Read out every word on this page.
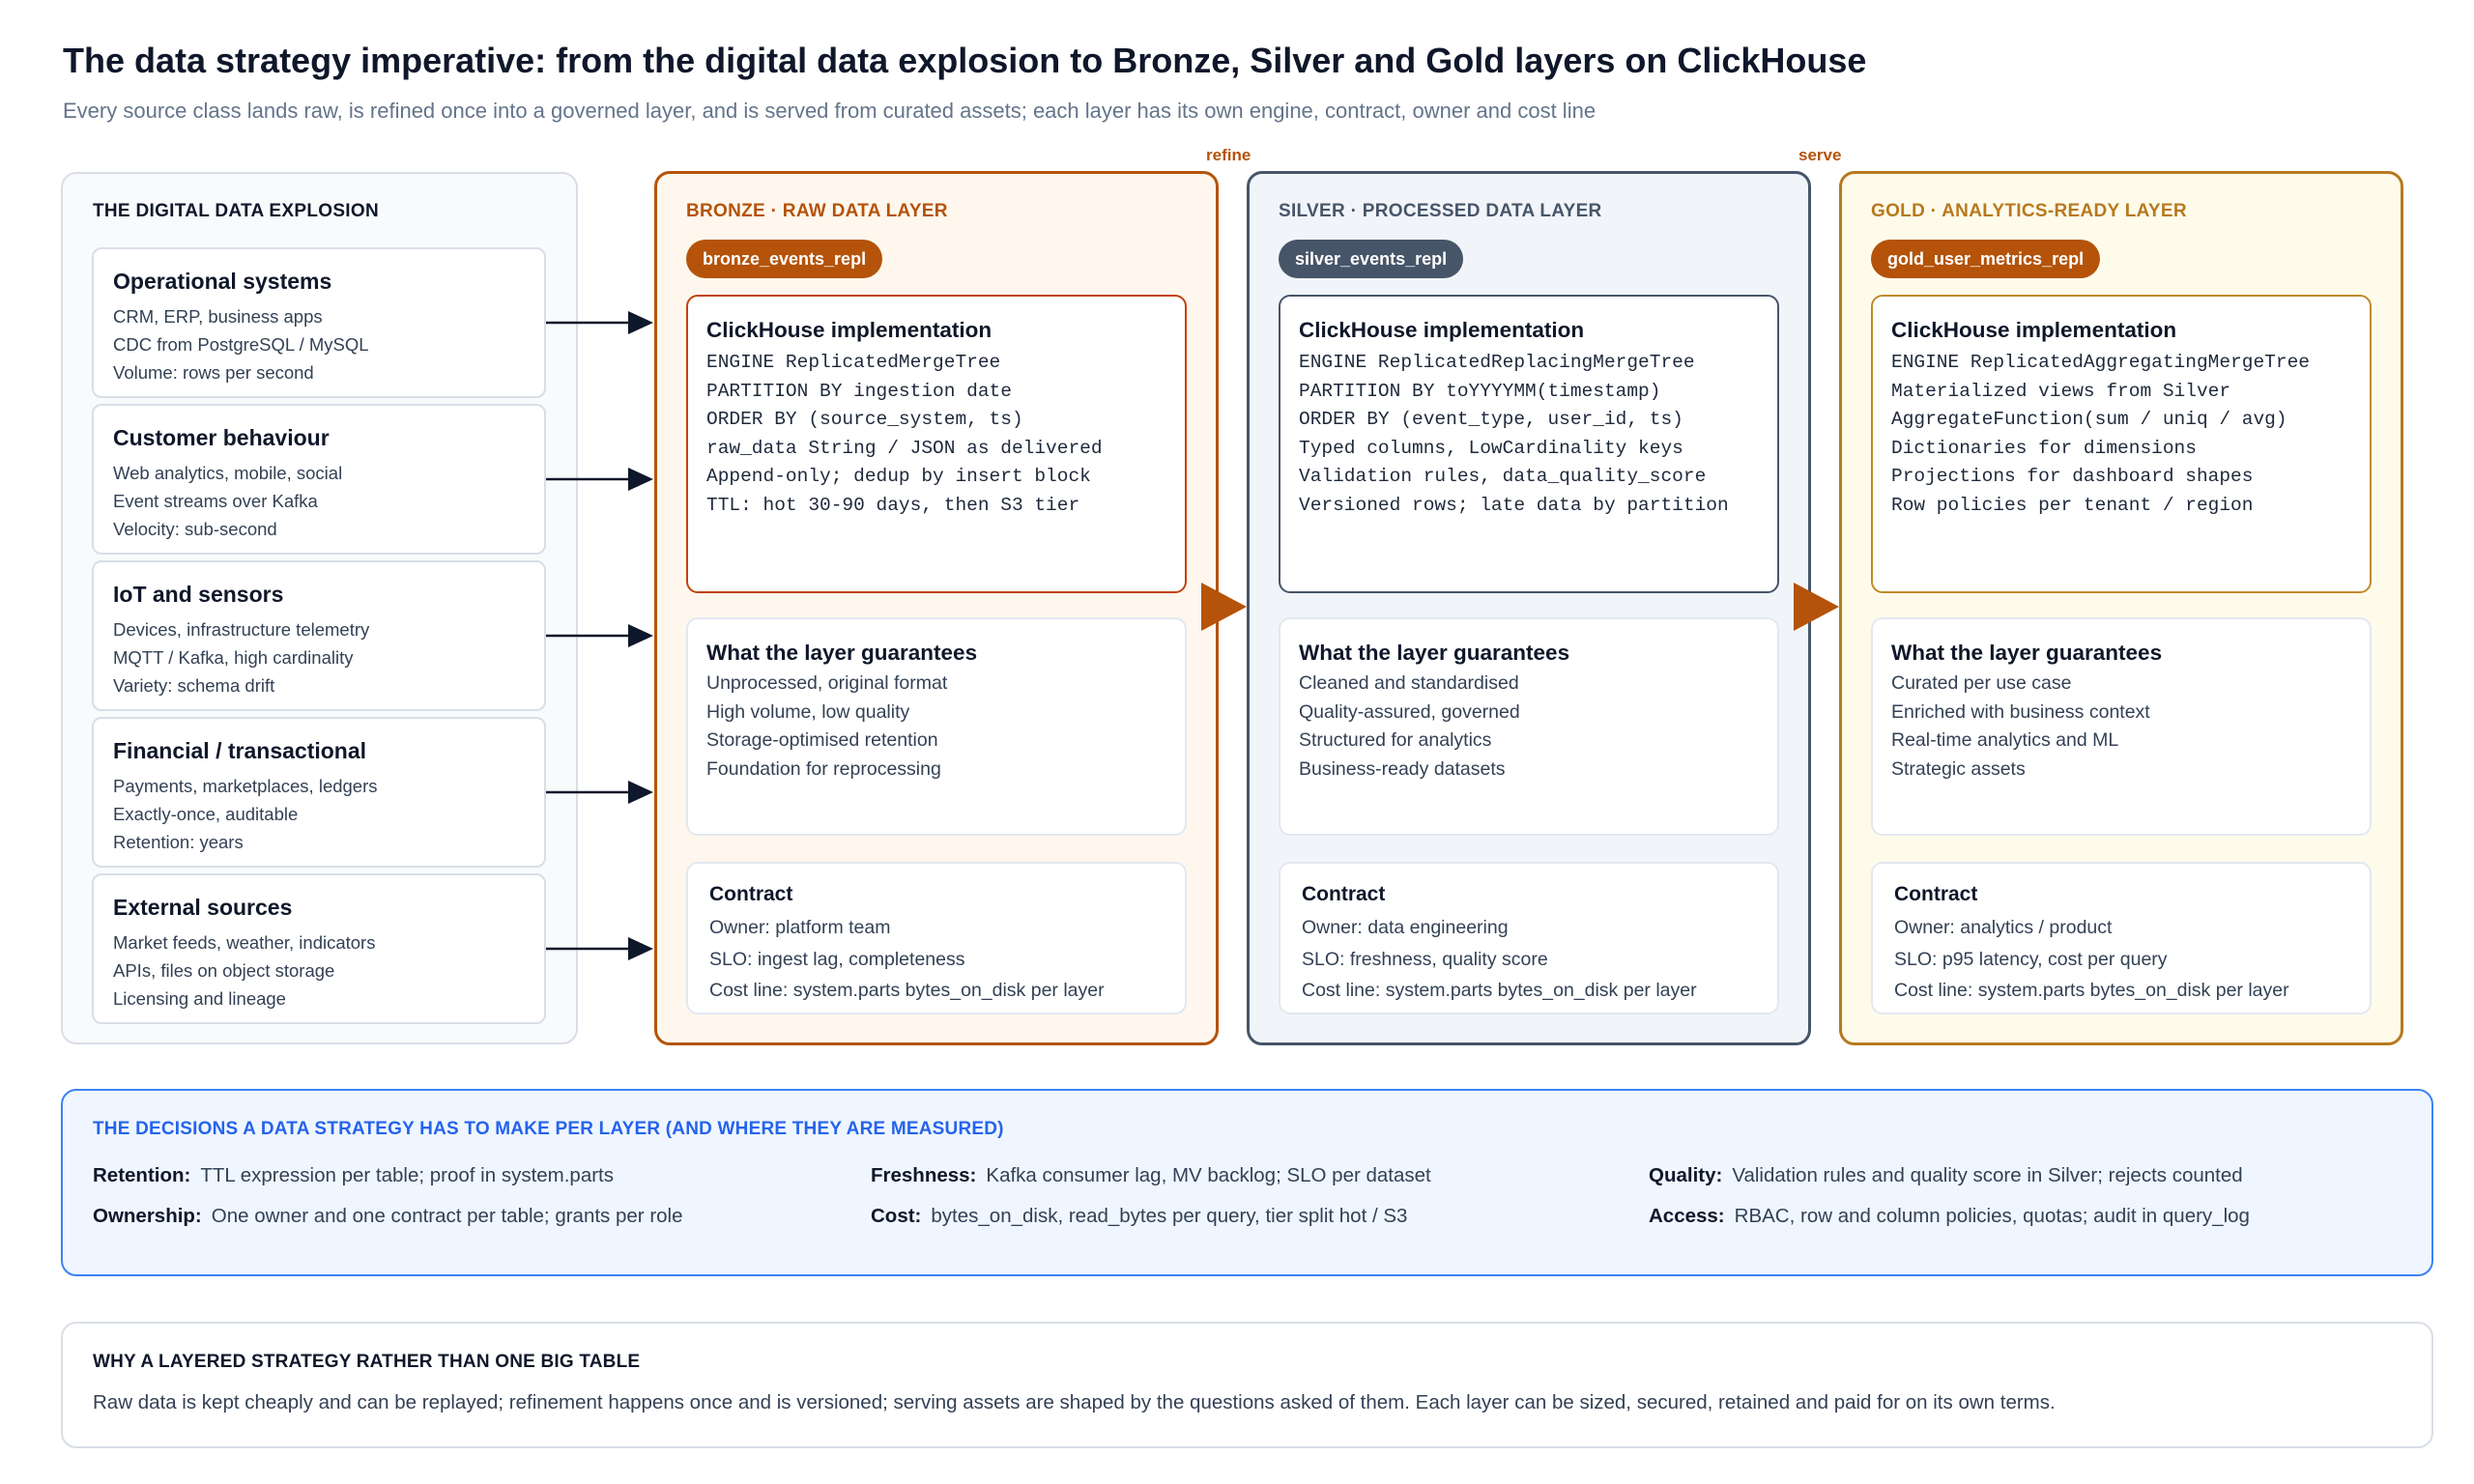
The data strategy imperative: from the digital data explosion to Bronze, Silver and Gold layers on ClickHouse
Every source class lands raw, is refined once into a governed layer, and is served from curated assets; each layer has its own engine, contract, owner and cost line
THE DIGITAL DATA EXPLOSION
Operational systems
CRM, ERP, business apps
CDC from PostgreSQL / MySQL
Volume: rows per second
Customer behaviour
Web analytics, mobile, social
Event streams over Kafka
Velocity: sub-second
IoT and sensors
Devices, infrastructure telemetry
MQTT / Kafka, high cardinality
Variety: schema drift
Financial / transactional
Payments, marketplaces, ledgers
Exactly-once, auditable
Retention: years
External sources
Market feeds, weather, indicators
APIs, files on object storage
Licensing and lineage
BRONZE · RAW DATA LAYER
bronze_events_repl
ClickHouse implementation
ENGINE ReplicatedMergeTree
PARTITION BY ingestion date
ORDER BY (source_system, ts)
raw_data String / JSON as delivered
Append-only; dedup by insert block
TTL: hot 30-90 days, then S3 tier
What the layer guarantees
Unprocessed, original format
High volume, low quality
Storage-optimised retention
Foundation for reprocessing
Contract
Owner: platform team
SLO: ingest lag, completeness
Cost line: system.parts bytes_on_disk per layer
SILVER · PROCESSED DATA LAYER
silver_events_repl
ClickHouse implementation
ENGINE ReplicatedReplacingMergeTree
PARTITION BY toYYYYMM(timestamp)
ORDER BY (event_type, user_id, ts)
Typed columns, LowCardinality keys
Validation rules, data_quality_score
Versioned rows; late data by partition
What the layer guarantees
Cleaned and standardised
Quality-assured, governed
Structured for analytics
Business-ready datasets
Contract
Owner: data engineering
SLO: freshness, quality score
Cost line: system.parts bytes_on_disk per layer
GOLD · ANALYTICS-READY LAYER
gold_user_metrics_repl
ClickHouse implementation
ENGINE ReplicatedAggregatingMergeTree
Materialized views from Silver
AggregateFunction(sum / uniq / avg)
Dictionaries for dimensions
Projections for dashboard shapes
Row policies per tenant / region
What the layer guarantees
Curated per use case
Enriched with business context
Real-time analytics and ML
Strategic assets
Contract
Owner: analytics / product
SLO: p95 latency, cost per query
Cost line: system.parts bytes_on_disk per layer
refine	serve
THE DECISIONS A DATA STRATEGY HAS TO MAKE PER LAYER (AND WHERE THEY ARE MEASURED)
Retention: TTL expression per table; proof in system.parts	Freshness: Kafka consumer lag, MV backlog; SLO per dataset	Quality: Validation rules and quality score in Silver; rejects counted
Ownership: One owner and one contract per table; grants per role	Cost: bytes_on_disk, read_bytes per query, tier split hot / S3	Access: RBAC, row and column policies, quotas; audit in query_log
WHY A LAYERED STRATEGY RATHER THAN ONE BIG TABLE
Raw data is kept cheaply and can be replayed; refinement happens once and is versioned; serving assets are shaped by the questions asked of them. Each layer can be sized, secured, retained and paid for on its own terms.
